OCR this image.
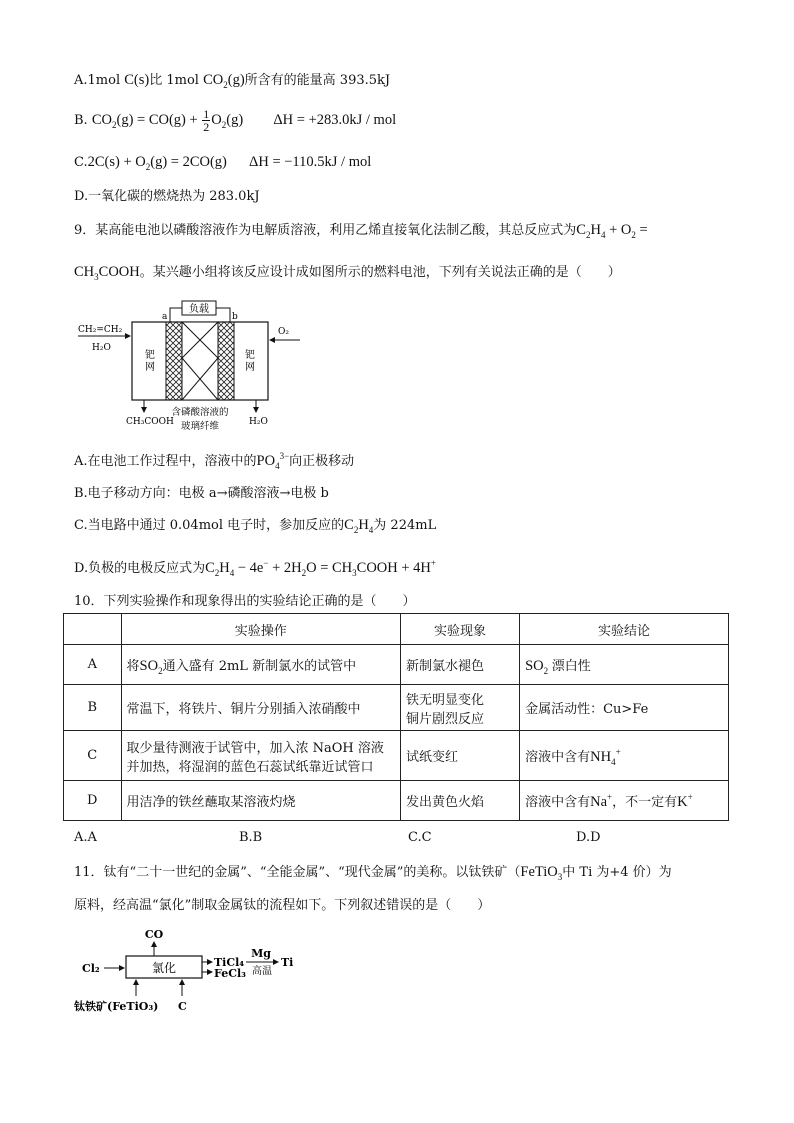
A.1mol C(s)比 1mol $CO_2(g)$所含有的能量高 393.5kJ
B. $CO_2(g) = CO(g) + \frac{1}{2} O_2(g) \Delta H = +283.0kJ$ / mol
$C.2C(s) + O_2(g) = 2CO(g) \Delta H = -110.5kJ$ / mol
D.一氧化碳的燃烧热为 283.0kJ
9．某高能电池以磷酸溶液作为电解质溶液，利用乙烯直接氧化法制乙酸，其总反应式为$C_2H_4 + O_2$ =
$CH_3COOH$。某兴趣小组将该反应设计成如图所示的燃料电池，下列有关说法正确的是（　　）
负载
a	b
CH₂=CH₂
H₂O
O₂
钯网
钯网
CH₃COOH	H₂O
含磷酸溶液的
玻璃纤维
A.在电池工作过程中，溶液中的$PO_4^{3-}$向正极移动
B.电子移动方向：电极 a→磷酸溶液→电极 b
C.当电路中通过 0.04mol 电子时，参加反应的$C_2H_4$为 224mL
D.负极的电极反应式为$C_2H_4 - 4e^- + 2H_2O$ = $CH_3COOH + 4H^+$
10．下列实验操作和现象得出的实验结论正确的是（　　）
	实验操作	实验现象	实验结论
A	将$SO_2$通入盛有 2mL 新制氯水的试管中	新制氯水褪色	$SO_2$ 漂白性
B	常温下，将铁片、铜片分别插入浓硝酸中	铁无明显变化
铜片剧烈反应	金属活动性：Cu>Fe
C	取少量待测液于试管中，加入浓 NaOH 溶液
并加热，将湿润的蓝色石蕊试纸靠近试管口	试纸变红	溶液中含有$NH_4^+$
D	用洁净的铁丝蘸取某溶液灼烧	发出黄色火焰	溶液中含有Na+，不一定有K+
A.A	B.B	C.C	D.D
11．钛有“二十一世纪的金属”、“全能金属”、“现代金属”的美称。以钛铁矿（FeTiO$_3$中 Ti 为+4 价）为
原料，经高温“氯化”制取金属钛的流程如下。下列叙述错误的是（　　）
氯化
CO
Cl₂	TiCl₄
FeCl₃
Mg
高温
Ti
钛铁矿(FeTiO₃) C
